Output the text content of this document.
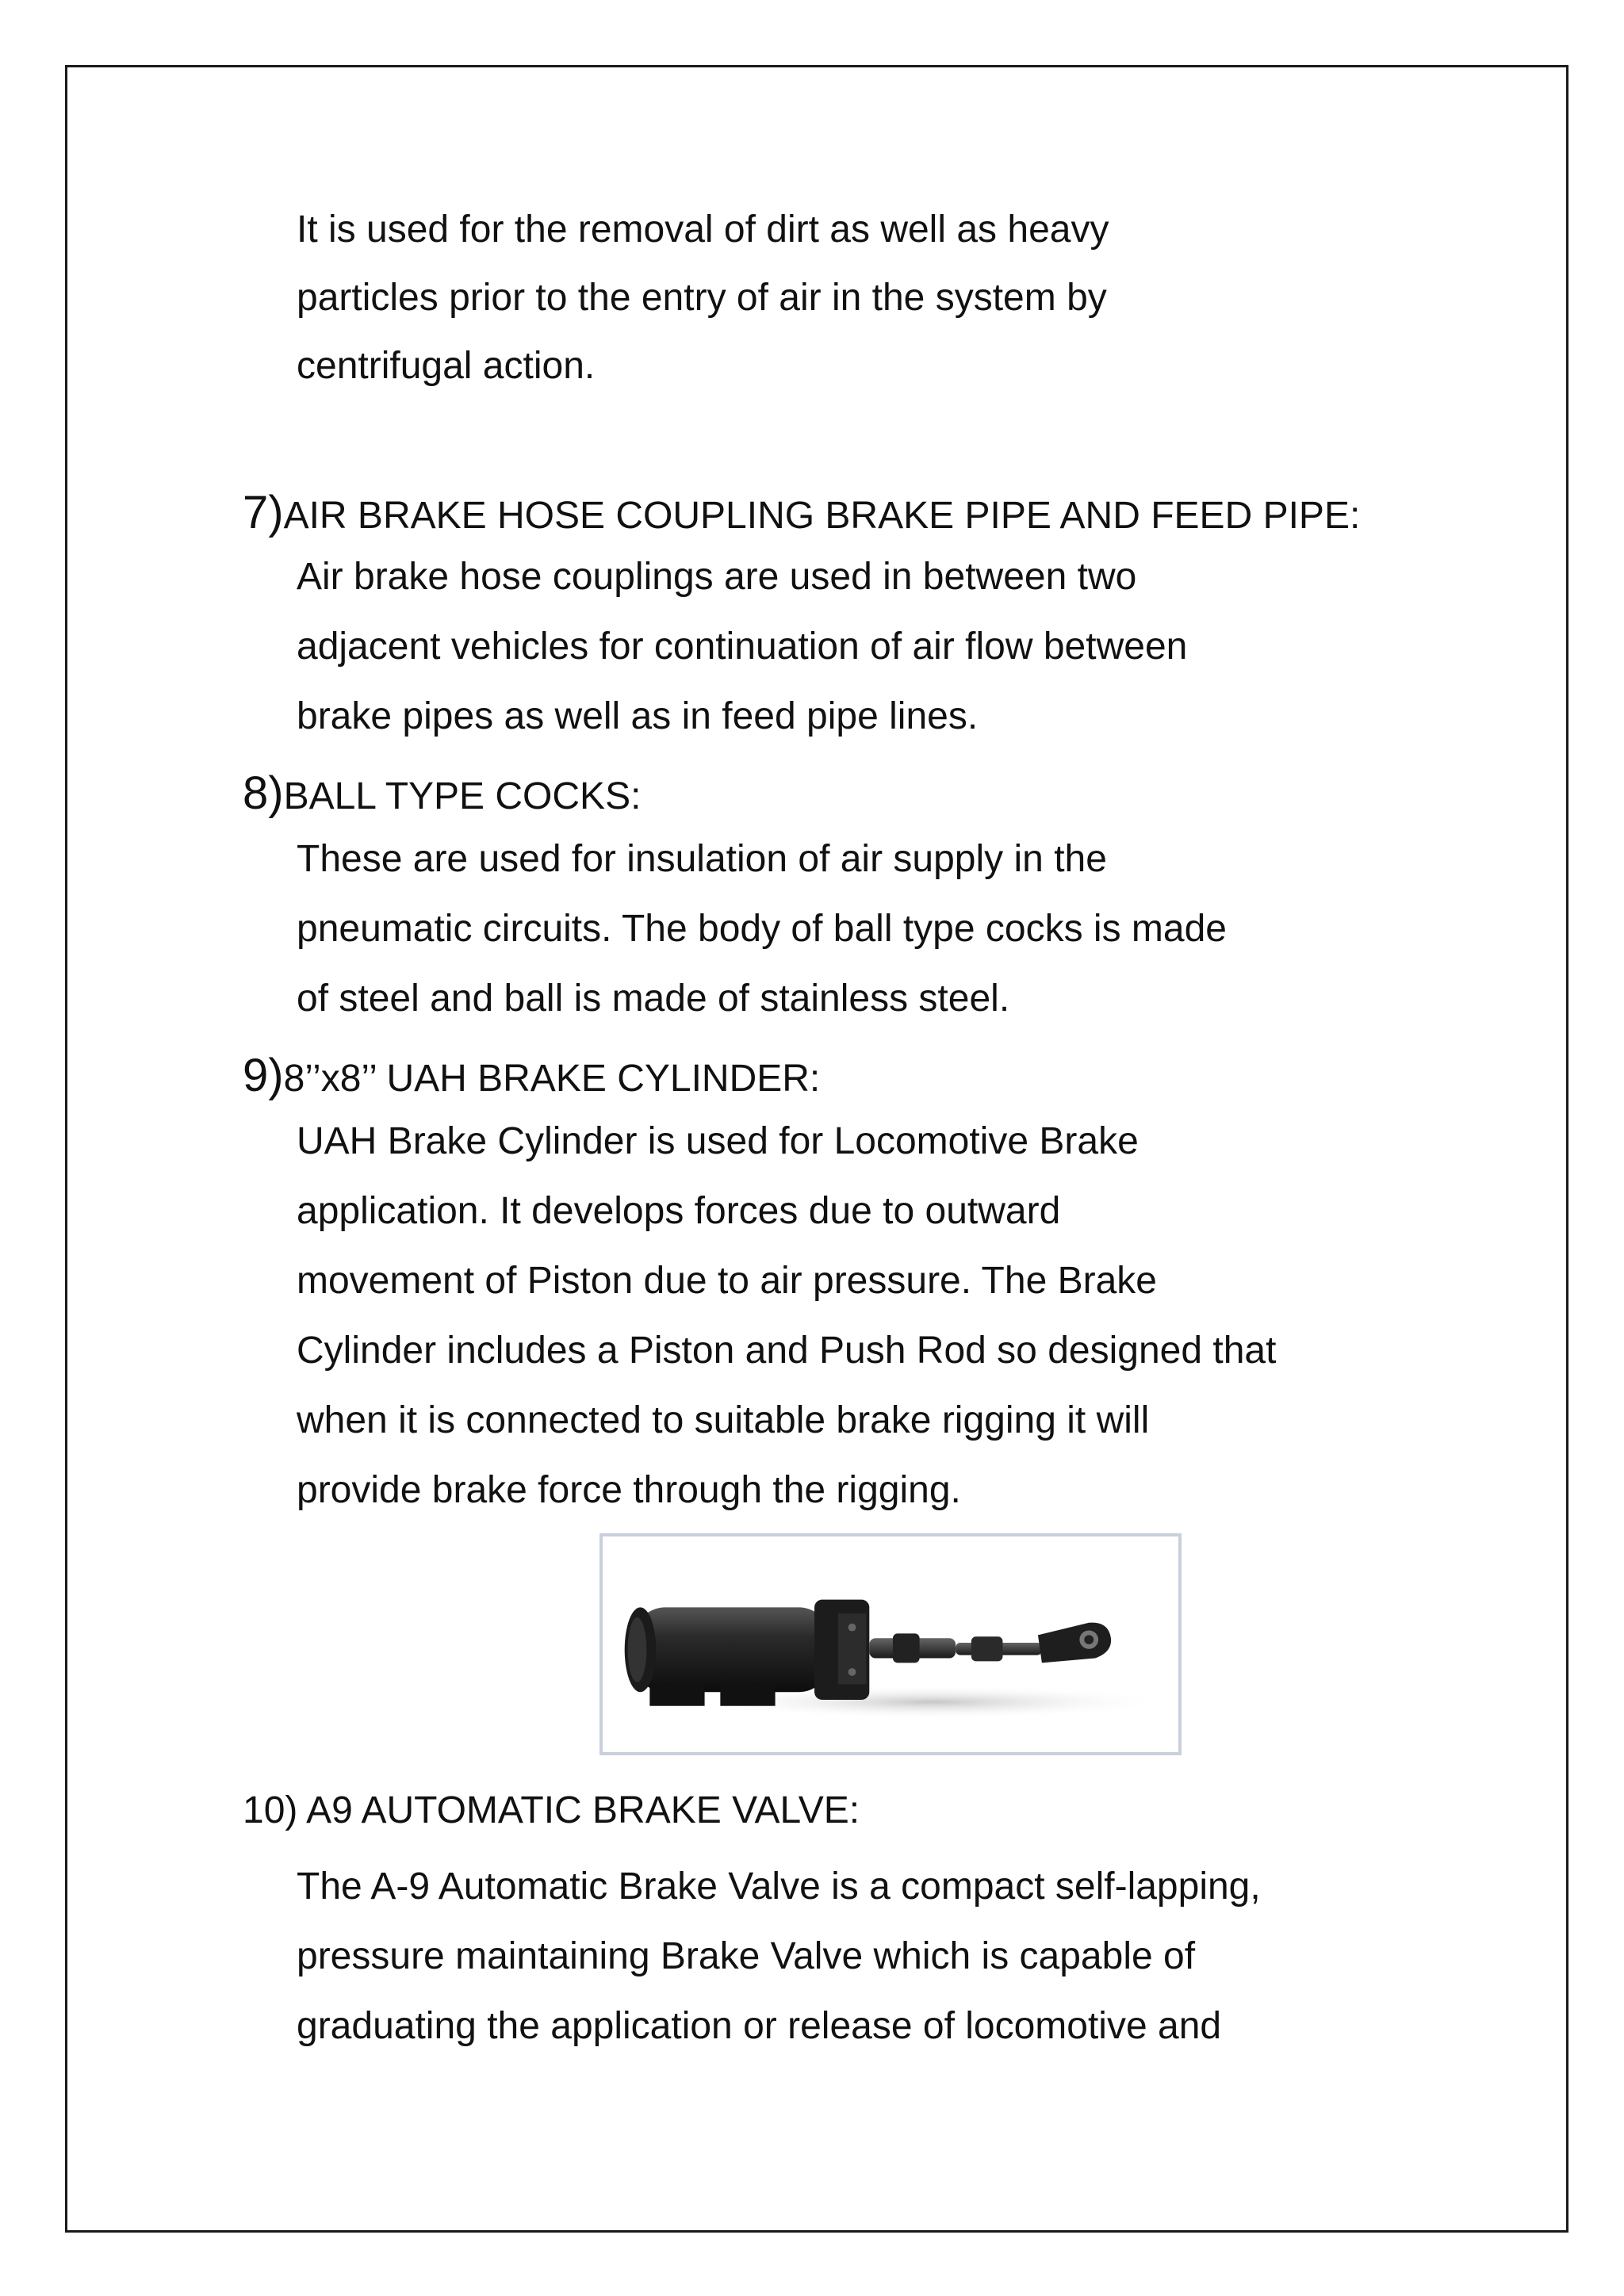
It is used for the removal of dirt as well as heavy
particles prior to the entry of air in the system by
centrifugal action.
7)AIR BRAKE HOSE COUPLING BRAKE PIPE AND FEED PIPE:
Air brake hose couplings are used in between two
adjacent vehicles for continuation of air flow between
brake pipes as well as in feed pipe lines.
8)BALL TYPE COCKS:
These are used for insulation of air supply in the
pneumatic circuits. The body of ball type cocks is made
of steel and ball is made of stainless steel.
9)8’’x8’’ UAH BRAKE CYLINDER:
UAH Brake Cylinder is used for Locomotive Brake
application. It develops forces due to outward
movement of Piston due to air pressure. The Brake
Cylinder includes a Piston and Push Rod so designed that
when it is connected to suitable brake rigging it will
provide brake force through the rigging.
10) A9 AUTOMATIC BRAKE VALVE:
The A-9 Automatic Brake Valve is a compact self-lapping,
pressure maintaining Brake Valve which is capable of
graduating the application or release of locomotive and
